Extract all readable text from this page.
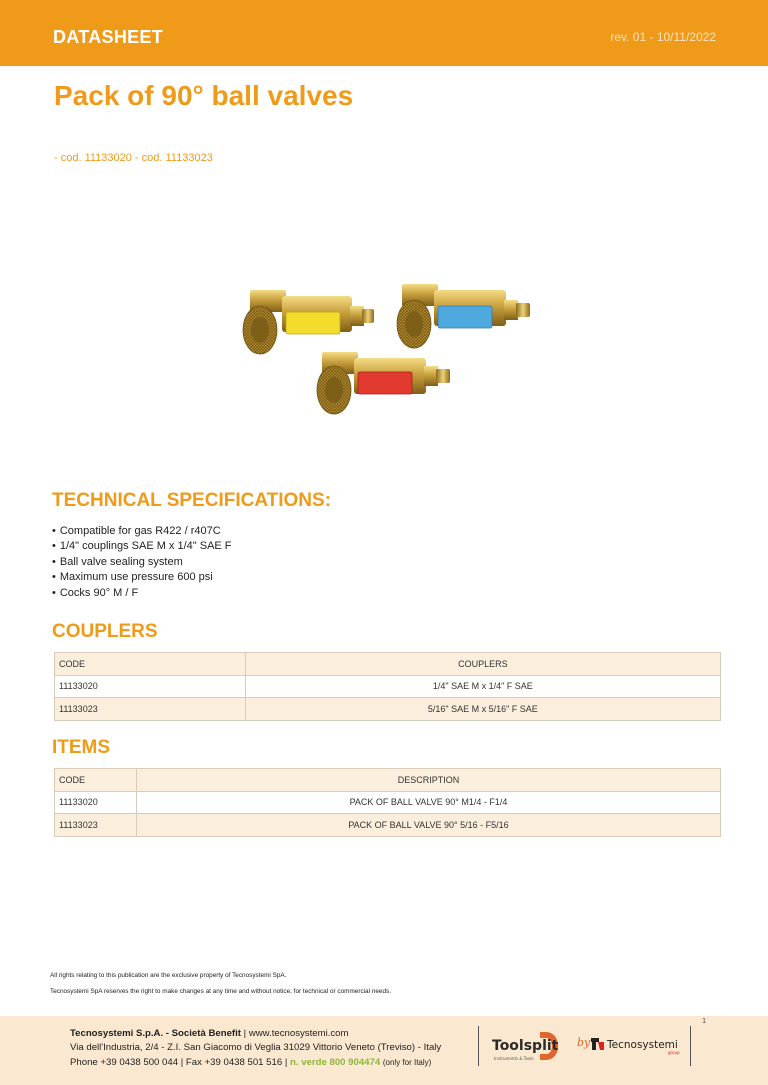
DATASHEET	rev. 01 - 10/11/2022
Pack of 90° ball valves
- cod. 11133020 - cod. 11133023
TECHNICAL SPECIFICATIONS:
• Compatible for gas R422 / r407C
• 1/4" couplings SAE M x 1/4" SAE F
• Ball valve sealing system
• Maximum use pressure 600 psi
• Cocks 90° M / F
COUPLERS
CODE	COUPLERS
11133020	1/4" SAE M x 1/4" F SAE
11133023	5/16" SAE M x 5/16" F SAE
ITEMS
CODE	DESCRIPTION
11133020	PACK OF BALL VALVE 90° M1/4 - F1/4
11133023	PACK OF BALL VALVE 90° 5/16 - F5/16
All rights relating to this publication are the exclusive property of Tecnosystemi SpA.
Tecnosystemi SpA reserves the right to make changes at any time and without notice, for technical or commercial needs.
1
Tecnosystemi S.p.A. - Società Benefit | www.tecnosystemi.com
Via dell'Industria, 2/4 - Z.I. San Giacomo di Veglia 31029 Vittorio Veneto (Treviso) - Italy
Phone +39 0438 500 044 | Fax +39 0438 501 516 | n. verde 800 904474 (only for Italy)
Toolsplit
Instruments & Tools
by Tecnosystemi
group
